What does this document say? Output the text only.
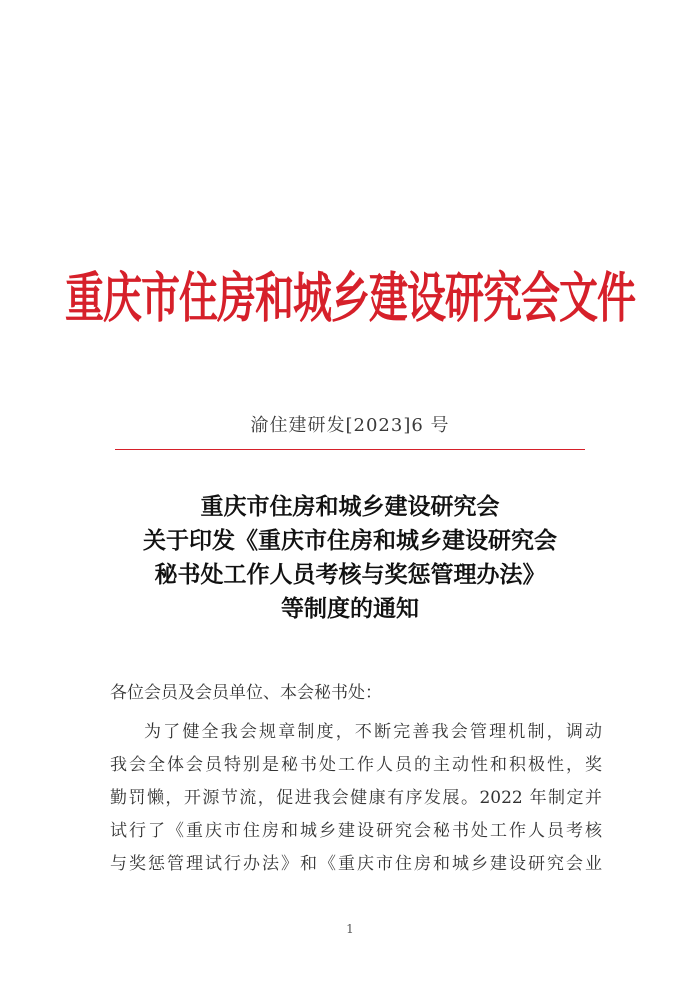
重庆市住房和城乡建设研究会文件
渝住建研发[2023]6 号
重庆市住房和城乡建设研究会
关于印发《重庆市住房和城乡建设研究会
秘书处工作人员考核与奖惩管理办法》
等制度的通知
各位会员及会员单位、本会秘书处：
为了健全我会规章制度，不断完善我会管理机制，调动
我会全体会员特别是秘书处工作人员的主动性和积极性，奖
勤罚懒，开源节流，促进我会健康有序发展。2022 年制定并
试行了《重庆市住房和城乡建设研究会秘书处工作人员考核
与奖惩管理试行办法》和《重庆市住房和城乡建设研究会业
1
